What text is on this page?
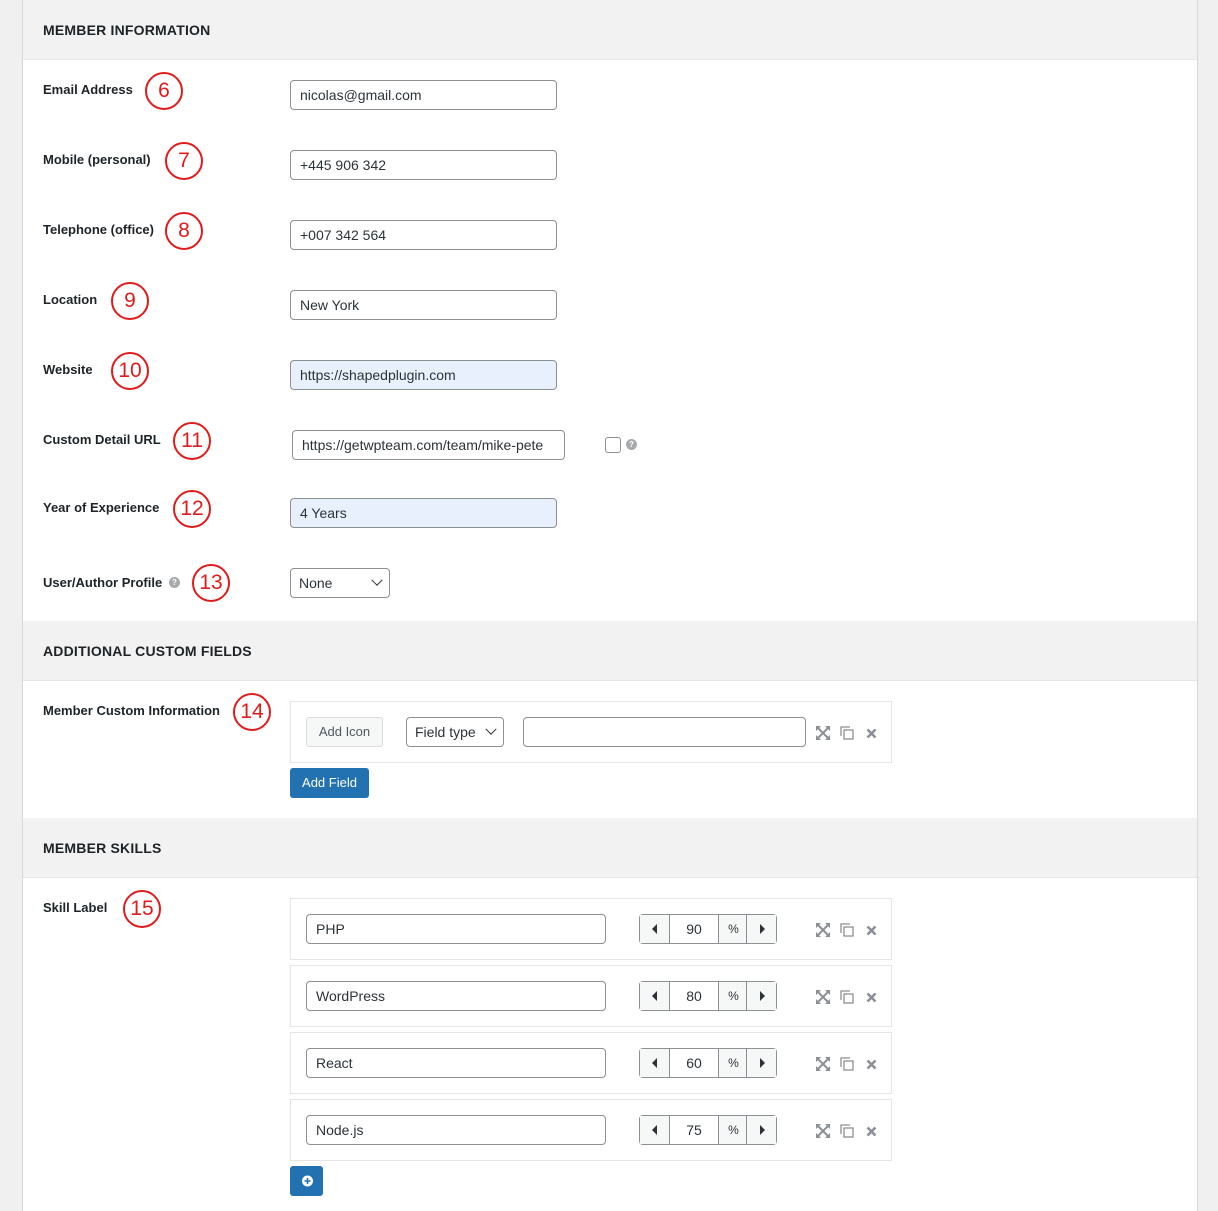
MEMBER INFORMATION
Email Address	6	nicolas@gmail.com
Mobile (personal)	7	+445 906 342
Telephone (office)	8	+007 342 564
Location	9	New York
Website	10	https://shapedplugin.com
Custom Detail URL 11	https://getwpteam.com/team/mike-pete	?
Year of Experience 12	4 Years
User/Author Profile	?	13	None
ADDITIONAL CUSTOM FIELDS
Member Custom Information 14
Add Icon	Field type
Add Field
MEMBER SKILLS
Skill Label	15
PHP	90	%
WordPress	80	%
React	60	%
Node.js	75	%
